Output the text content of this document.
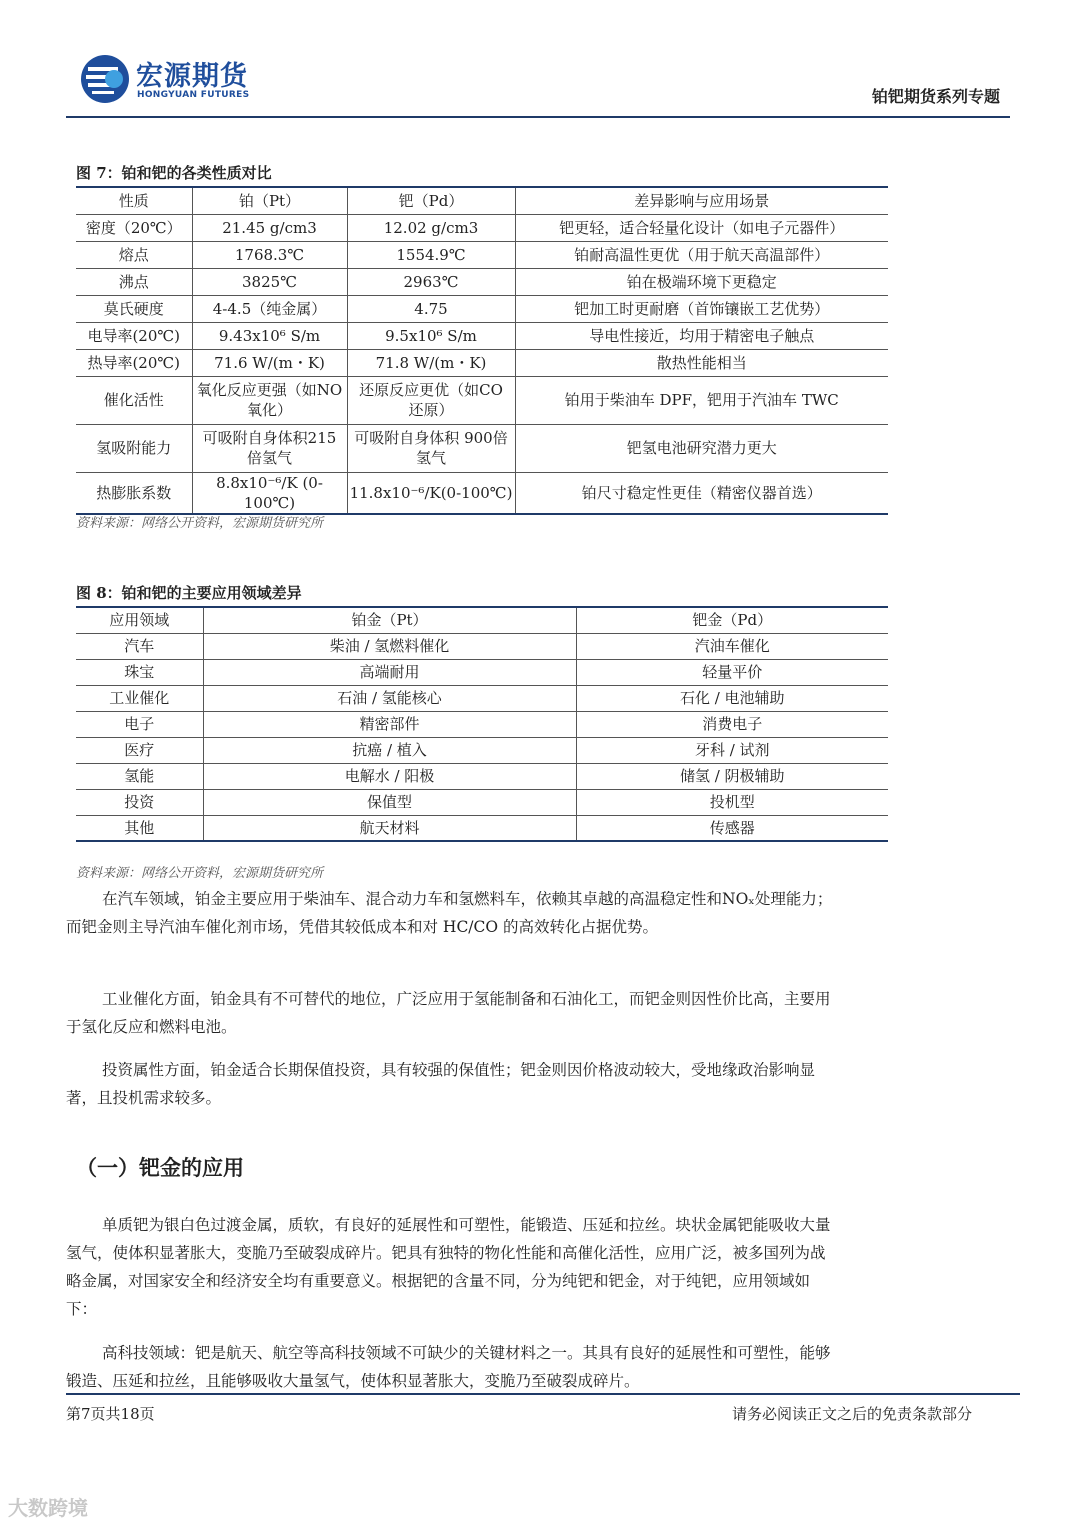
宏源期货
HONGYUAN FUTURES	铂钯期货系列专题
图 7：铂和钯的各类性质对比
性质	铂（Pt）	钯（Pd）	差异影响与应用场景
密度（20℃）	21.45 g/cm3	12.02 g/cm3	钯更轻，适合轻量化设计（如电子元器件）
熔点	1768.3℃	1554.9℃	铂耐高温性更优（用于航天高温部件）
沸点	3825℃	2963℃	铂在极端环境下更稳定
莫氏硬度	4-4.5（纯金属）	4.75	钯加工时更耐磨（首饰镶嵌工艺优势）
电导率(20℃)	9.43x10⁶ S/m	9.5x10⁶ S/m	导电性接近，均用于精密电子触点
热导率(20℃)	71.6 W/(m・K)	71.8 W/(m・K)	散热性能相当
催化活性	氧化反应更强（如NO 氧化）	还原反应更优（如CO 还原）	铂用于柴油车 DPF，钯用于汽油车 TWC
氢吸附能力	可吸附自身体积215 倍氢气	可吸附自身体积 900倍氢气	钯氢电池研究潜力更大
热膨胀系数	8.8x10⁻⁶/K (0-100℃)	11.8x10⁻⁶/K(0-100℃)	铂尺寸稳定性更佳（精密仪器首选）
资料来源：网络公开资料，宏源期货研究所
图 8：铂和钯的主要应用领域差异
应用领域	铂金（Pt）	钯金（Pd）
汽车	柴油 / 氢燃料催化	汽油车催化
珠宝	高端耐用	轻量平价
工业催化	石油 / 氢能核心	石化 / 电池辅助
电子	精密部件	消费电子
医疗	抗癌 / 植入	牙科 / 试剂
氢能	电解水 / 阳极	储氢 / 阴极辅助
投资	保值型	投机型
其他	航天材料	传感器
资料来源：网络公开资料，宏源期货研究所
在汽车领域，铂金主要应用于柴油车、混合动力车和氢燃料车，依赖其卓越的高温稳定性和NOₓ处理能力；而钯金则主导汽油车催化剂市场，凭借其较低成本和对 HC/CO 的高效转化占据优势。
工业催化方面，铂金具有不可替代的地位，广泛应用于氢能制备和石油化工，而钯金则因性价比高，主要用于氢化反应和燃料电池。
投资属性方面，铂金适合长期保值投资，具有较强的保值性；钯金则因价格波动较大，受地缘政治影响显著，且投机需求较多。
（一）钯金的应用
单质钯为银白色过渡金属，质软，有良好的延展性和可塑性，能锻造、压延和拉丝。块状金属钯能吸收大量氢气，使体积显著胀大，变脆乃至破裂成碎片。钯具有独特的物化性能和高催化活性，应用广泛，被多国列为战略金属，对国家安全和经济安全均有重要意义。根据钯的含量不同，分为纯钯和钯金，对于纯钯，应用领域如下：
高科技领域：钯是航天、航空等高科技领域不可缺少的关键材料之一。其具有良好的延展性和可塑性，能够锻造、压延和拉丝，且能够吸收大量氢气，使体积显著胀大，变脆乃至破裂成碎片。
第7页共18页	请务必阅读正文之后的免责条款部分
大数跨境
